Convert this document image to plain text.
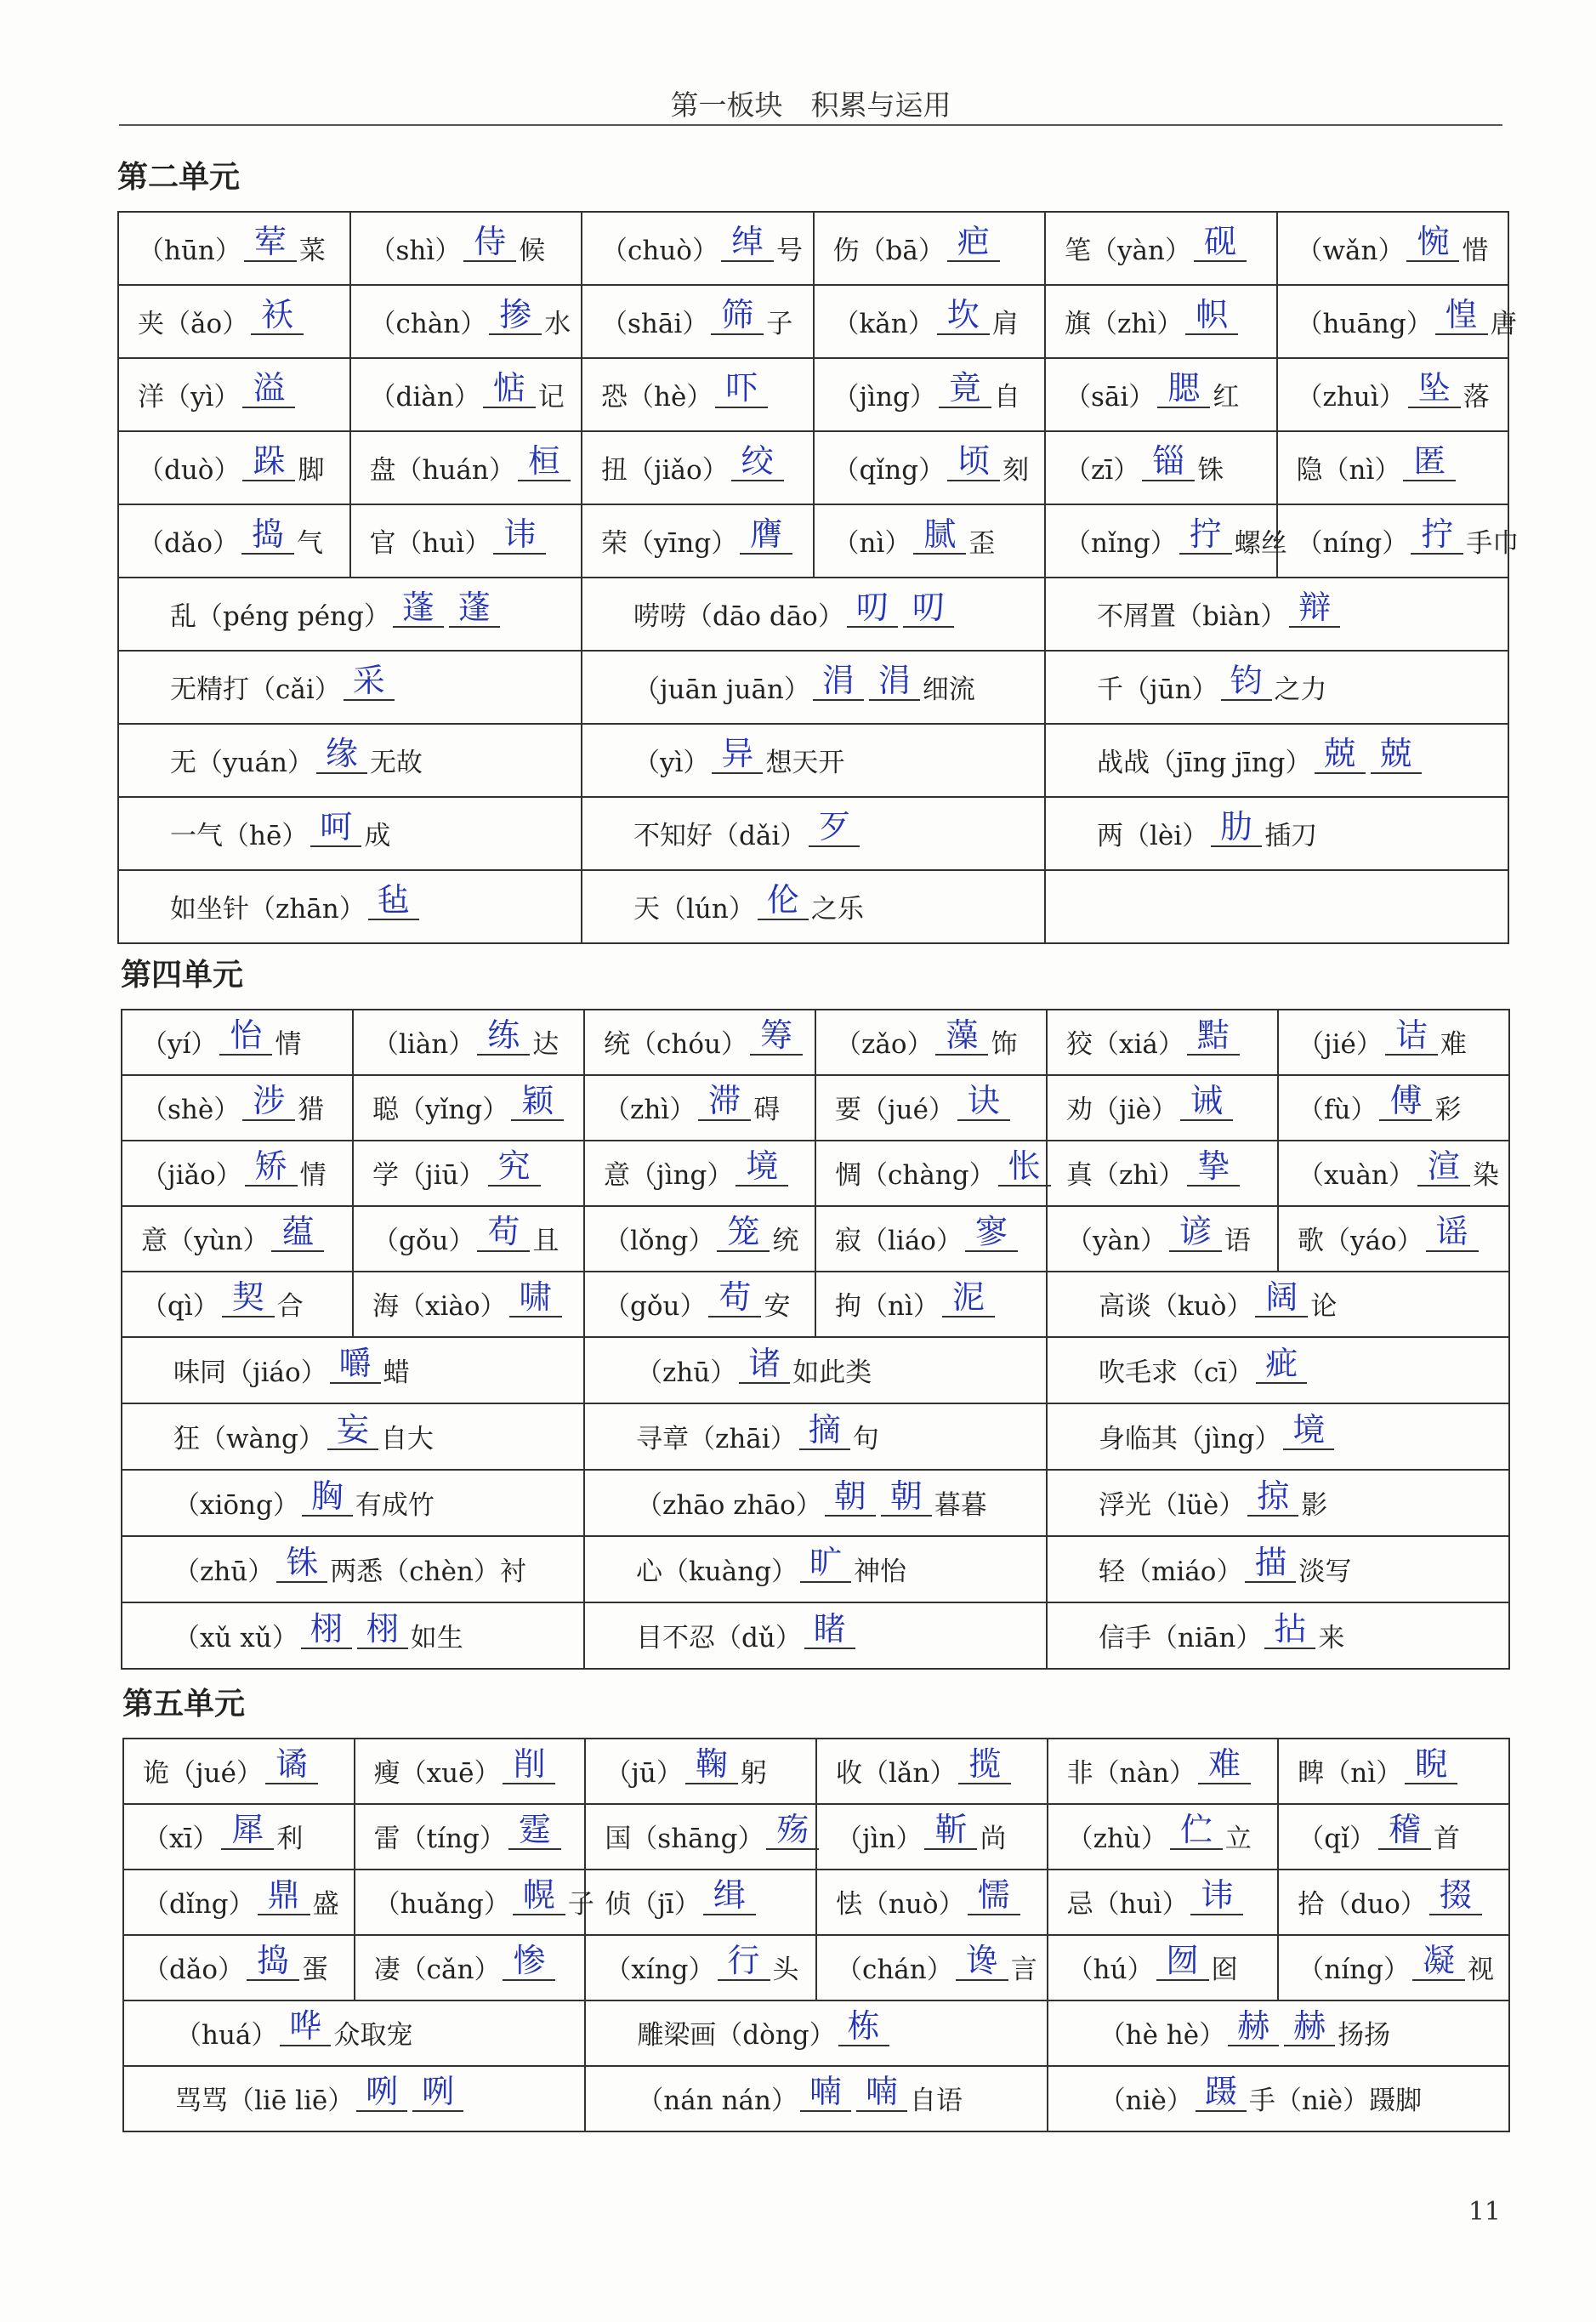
第一板块　积累与运用
第二单元
（hūn） 荤 菜	（shì） 侍 候	（chuò） 绰 号	伤（bā） 疤	笔（yàn） 砚	（wǎn） 惋 惜
夹（ǎo） 袄	（chàn） 掺 水	（shāi） 筛 子	（kǎn） 坎 肩	旗（zhì） 帜	（huāng） 惶 唐
洋（yì） 溢	（diàn） 惦 记	恐（hè） 吓	（jìng） 竟 自	（sāi） 腮 红	（zhuì） 坠 落
（duò） 跺 脚	盘（huán） 桓	扭（jiǎo） 绞	（qǐng） 顷 刻	（zī） 锱 铢	隐（nì） 匿
（dǎo） 捣 气	官（huì） 讳	荣（yīng） 膺	（nì） 腻 歪	（nǐng） 拧 螺丝	（níng） 拧 手巾
乱（péng péng） 蓬 蓬		唠唠（dāo dāo） 叨 叨		不屑置（biàn） 辩	
无精打（cǎi） 采		（juān juān） 涓 涓 细流		千（jūn） 钧 之力	
无（yuán） 缘 无故		（yì） 异 想天开		战战（jīng jīng） 兢 兢	
一气（hē） 呵 成		不知好（dǎi） 歹		两（lèi） 肋 插刀	
如坐针（zhān） 毡		天（lún） 伦 之乐			
第四单元
（yí） 怡 情	（liàn） 练 达	统（chóu） 筹	（zǎo） 藻 饰	狡（xiá） 黠	（jié） 诘 难
（shè） 涉 猎	聪（yǐng） 颖	（zhì） 滞 碍	要（jué） 诀	劝（jiè） 诫	（fù） 傅 彩
（jiǎo） 矫 情	学（jiū） 究	意（jìng） 境	惆（chàng） 怅	真（zhì） 挚	（xuàn） 渲 染
意（yùn） 蕴	（gǒu） 苟 且	（lǒng） 笼 统	寂（liáo） 寥	（yàn） 谚 语	歌（yáo） 谣
（qì） 契 合	海（xiào） 啸	（gǒu） 苟 安	拘（nì） 泥	高谈（kuò） 阔 论	
味同（jiáo） 嚼 蜡		（zhū） 诸 如此类		吹毛求（cī） 疵	
狂（wàng） 妄 自大		寻章（zhāi） 摘 句		身临其（jìng） 境	
（xiōng） 胸 有成竹		（zhāo zhāo） 朝 朝 暮暮		浮光（lüè） 掠 影	
（zhū） 铢 两悉（chèn）衬		心（kuàng） 旷 神怡		轻（miáo） 描 淡写	
（xǔ xǔ） 栩 栩 如生		目不忍（dǔ） 睹		信手（niān） 拈 来	
第五单元
诡（jué） 谲	瘦（xuē） 削	（jū） 鞠 躬	收（lǎn） 揽	非（nàn） 难	睥（nì） 睨
（xī） 犀 利	雷（tíng） 霆	国（shāng） 殇	（jìn） 靳 尚	（zhù） 伫 立	（qǐ） 稽 首
（dǐng） 鼎 盛	（huǎng） 幌 子	侦（jī） 缉	怯（nuò） 懦	忌（huì） 讳	拾（duo） 掇
（dǎo） 捣 蛋	凄（cǎn） 惨	（xíng） 行 头	（chán） 谗 言	（hú） 囫 囵	（níng） 凝 视
（huá） 哗 众取宠		雕梁画（dòng） 栋		（hè hè） 赫 赫 扬扬	
骂骂（liē liē） 咧 咧		（nán nán） 喃 喃 自语		（niè） 蹑 手（niè）蹑脚	
11
